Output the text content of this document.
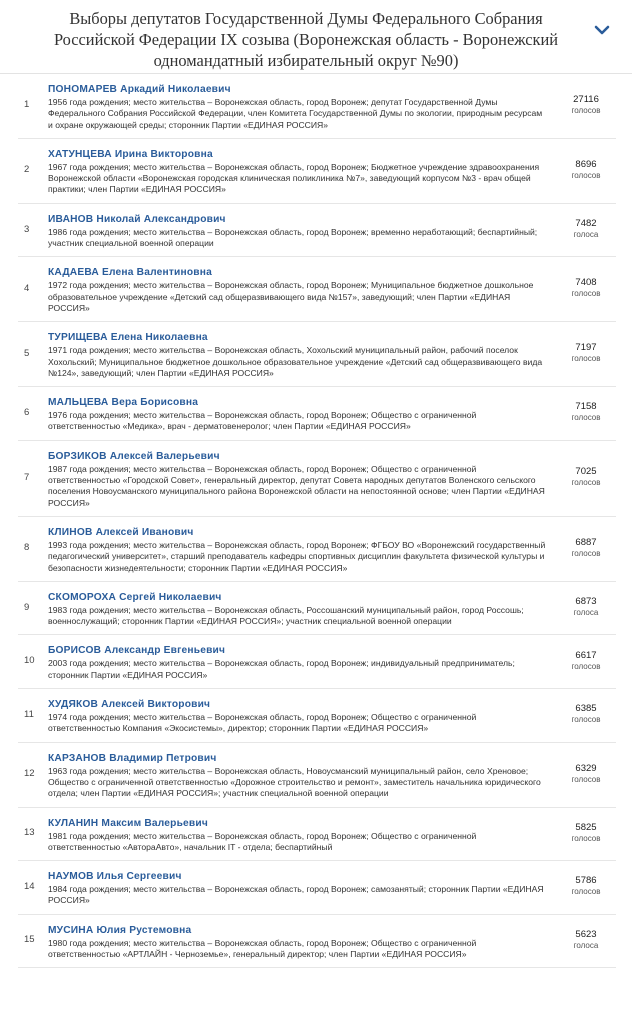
Выборы депутатов Государственной Думы Федерального Собрания Российской Федерации IX созыва (Воронежская область - Воронежский одномандатный избирательный округ №90)
1
ПОНОМАРЕВ Аркадий Николаевич
1956 года рождения; место жительства – Воронежская область, город Воронеж; депутат Государственной Думы Федерального Собрания Российской Федерации, член Комитета Государственной Думы по экологии, природным ресурсам и охране окружающей среды; сторонник Партии «ЕДИНАЯ РОССИЯ»
27116
голосов
2
ХАТУНЦЕВА Ирина Викторовна
1967 года рождения; место жительства – Воронежская область, город Воронеж; Бюджетное учреждение здравоохранения Воронежской области «Воронежская городская клиническая поликлиника №7», заведующий корпусом №3 - врач общей практики; член Партии «ЕДИНАЯ РОССИЯ»
8696
голосов
3
ИВАНОВ Николай Александрович
1986 года рождения; место жительства – Воронежская область, город Воронеж; временно неработающий; беспартийный; участник специальной военной операции
7482
голоса
4
КАДАЕВА Елена Валентиновна
1972 года рождения; место жительства – Воронежская область, город Воронеж; Муниципальное бюджетное дошкольное образовательное учреждение «Детский сад общеразвивающего вида №157», заведующий; член Партии «ЕДИНАЯ РОССИЯ»
7408
голосов
5
ТУРИЩЕВА Елена Николаевна
1971 года рождения; место жительства – Воронежская область, Хохольский муниципальный район, рабочий поселок Хохольский; Муниципальное бюджетное дошкольное образовательное учреждение «Детский сад общеразвивающего вида №124», заведующий; член Партии «ЕДИНАЯ РОССИЯ»
7197
голосов
6
МАЛЬЦЕВА Вера Борисовна
1976 года рождения; место жительства – Воронежская область, город Воронеж; Общество с ограниченной ответственностью «Медика», врач - дерматовенеролог; член Партии «ЕДИНАЯ РОССИЯ»
7158
голосов
7
БОРЗИКОВ Алексей Валерьевич
1987 года рождения; место жительства – Воронежская область, город Воронеж; Общество с ограниченной ответственностью «Городской Совет», генеральный директор, депутат Совета народных депутатов Воленского сельского поселения Новоусманского муниципального района Воронежской области на непостоянной основе; член Партии «ЕДИНАЯ РОССИЯ»
7025
голосов
8
КЛИНОВ Алексей Иванович
1993 года рождения; место жительства – Воронежская область, город Воронеж; ФГБОУ ВО «Воронежский государственный педагогический университет», старший преподаватель кафедры спортивных дисциплин факультета физической культуры и безопасности жизнедеятельности; сторонник Партии «ЕДИНАЯ РОССИЯ»
6887
голосов
9
СКОМОРОХА Сергей Николаевич
1983 года рождения; место жительства – Воронежская область, Россошанский муниципальный район, город Россошь; военнослужащий; сторонник Партии «ЕДИНАЯ РОССИЯ»; участник специальной военной операции
6873
голоса
10
БОРИСОВ Александр Евгеньевич
2003 года рождения; место жительства – Воронежская область, город Воронеж; индивидуальный предприниматель; сторонник Партии «ЕДИНАЯ РОССИЯ»
6617
голосов
11
ХУДЯКОВ Алексей Викторович
1974 года рождения; место жительства – Воронежская область, город Воронеж; Общество с ограниченной ответственностью Компания «Экосистемы», директор; сторонник Партии «ЕДИНАЯ РОССИЯ»
6385
голосов
12
КАРЗАНОВ Владимир Петрович
1963 года рождения; место жительства – Воронежская область, Новоусманский муниципальный район, село Хреновое; Общество с ограниченной ответственностью «Дорожное строительство и ремонт», заместитель начальника юридического отдела; член Партии «ЕДИНАЯ РОССИЯ»; участник специальной военной операции
6329
голосов
13
КУЛАНИН Максим Валерьевич
1981 года рождения; место жительства – Воронежская область, город Воронеж; Общество с ограниченной ответственностью «АвтораАвто», начальник IT - отдела; беспартийный
5825
голосов
14
НАУМОВ Илья Сергеевич
1984 года рождения; место жительства – Воронежская область, город Воронеж; самозанятый; сторонник Партии «ЕДИНАЯ РОССИЯ»
5786
голосов
15
МУСИНА Юлия Рустемовна
1980 года рождения; место жительства – Воронежская область, город Воронеж; Общество с ограниченной ответственностью «АРТЛАЙН - Черноземье», генеральный директор; член Партии «ЕДИНАЯ РОССИЯ»
5623
голоса
